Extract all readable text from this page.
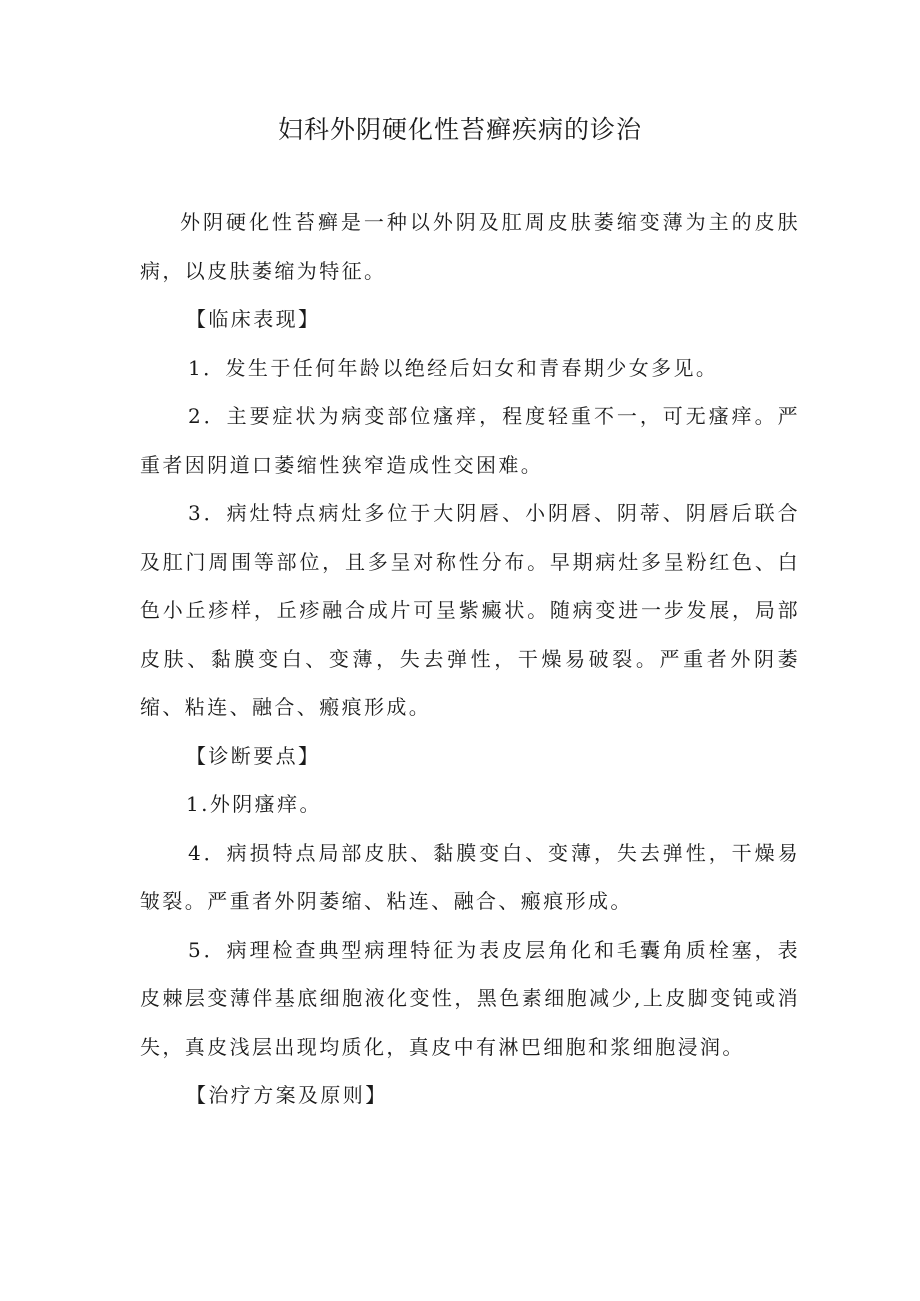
妇科外阴硬化性苔癣疾病的诊治

外阴硬化性苔癣是一种以外阴及肛周皮肤萎缩变薄为主的皮肤病，以皮肤萎缩为特征。

【临床表现】

1．发生于任何年龄以绝经后妇女和青春期少女多见。

2．主要症状为病变部位瘙痒，程度轻重不一，可无瘙痒。严重者因阴道口萎缩性狭窄造成性交困难。

3．病灶特点病灶多位于大阴唇、小阴唇、阴蒂、阴唇后联合及肛门周围等部位，且多呈对称性分布。早期病灶多呈粉红色、白色小丘疹样，丘疹融合成片可呈紫癜状。随病变进一步发展，局部皮肤、黏膜变白、变薄，失去弹性，干燥易破裂。严重者外阴萎缩、粘连、融合、瘢痕形成。

【诊断要点】

1.外阴瘙痒。

4．病损特点局部皮肤、黏膜变白、变薄，失去弹性，干燥易皱裂。严重者外阴萎缩、粘连、融合、瘢痕形成。

5．病理检查典型病理特征为表皮层角化和毛囊角质栓塞，表皮棘层变薄伴基底细胞液化变性，黑色素细胞减少,上皮脚变钝或消失，真皮浅层出现均质化，真皮中有淋巴细胞和浆细胞浸润。

【治疗方案及原则】
